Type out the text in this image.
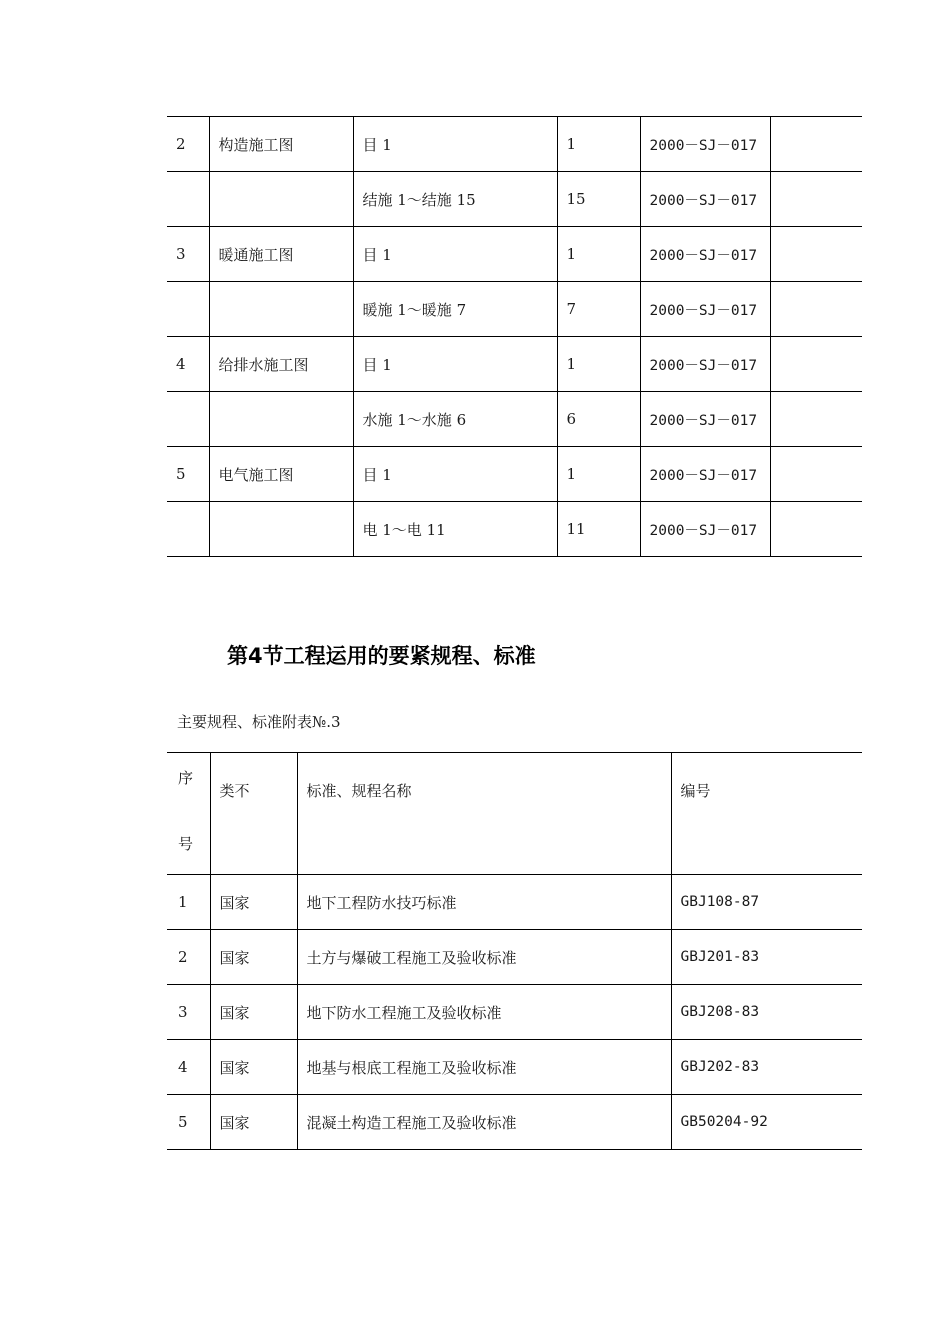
2	构造施工图	目 1	1	2000－SJ－017	
		结施 1～结施 15	15	2000－SJ－017	
3	暖通施工图	目 1	1	2000－SJ－017	
		暖施 1～暖施 7	7	2000－SJ－017	
4	给排水施工图	目 1	1	2000－SJ－017	
		水施 1～水施 6	6	2000－SJ－017	
5	电气施工图	目 1	1	2000－SJ－017	
		电 1～电 11	11	2000－SJ－017	
第4节工程运用的要紧规程、标准
主要规程、标准附表№.3
序
号	类不	标准、规程名称	编号
1	国家	地下工程防水技巧标准	GBJ108-87
2	国家	土方与爆破工程施工及验收标准	GBJ201-83
3	国家	地下防水工程施工及验收标准	GBJ208-83
4	国家	地基与根底工程施工及验收标准	GBJ202-83
5	国家	混凝土构造工程施工及验收标准	GB50204-92
